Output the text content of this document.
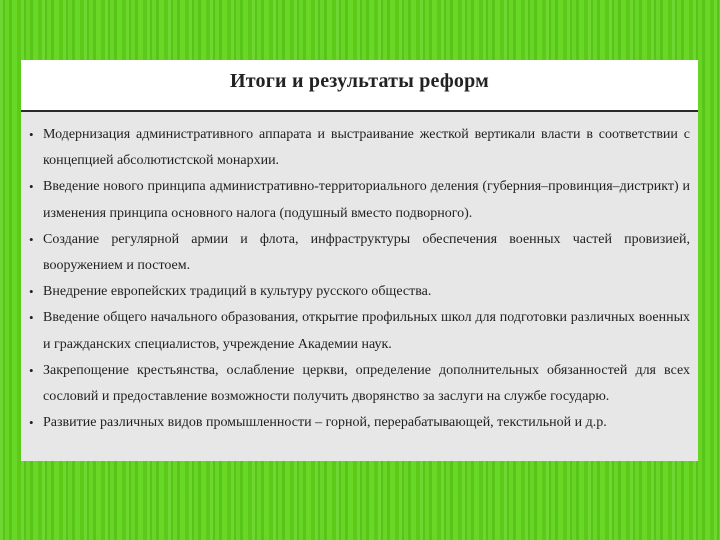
Итоги и результаты реформ
• Модернизация административного аппарата и выстраивание жесткой вертикали власти в соответствии с концепцией абсолютистской монархии.
• Введение нового принципа административно-территориального деления (губерния–провинция–дистрикт) и изменения принципа основного налога (подушный вместо подворного).
• Создание регулярной армии и флота, инфраструктуры обеспечения военных частей провизией, вооружением и постоем.
• Внедрение европейских традиций в культуру русского общества.
• Введение общего начального образования, открытие профильных школ для подготовки различных военных и гражданских специалистов, учреждение Академии наук.
• Закрепощение крестьянства, ослабление церкви, определение дополнительных обязанностей для всех сословий и предоставление возможности получить дворянство за заслуги на службе государю.
• Развитие различных видов промышленности – горной, перерабатывающей, текстильной и д.р.
